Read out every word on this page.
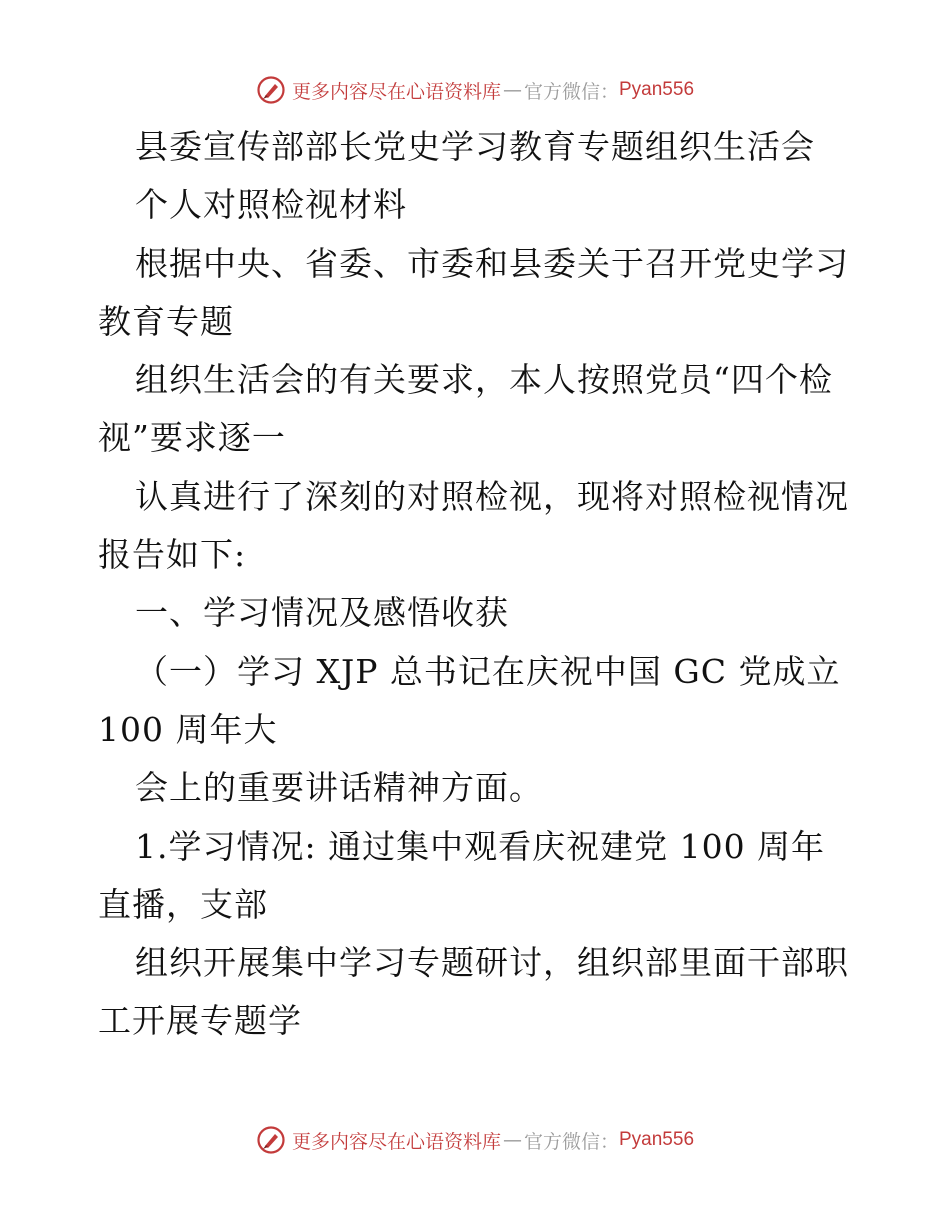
更多内容尽在心语资料库 — 官方微信： Pyan556
县委宣传部部长党史学习教育专题组织生活会
个人对照检视材料
根据中央、省委、市委和县委关于召开党史学习
教育专题
组织生活会的有关要求，本人按照党员“四个检
视”要求逐一
认真进行了深刻的对照检视，现将对照检视情况
报告如下:
一、学习情况及感悟收获
（一）学习 XJP 总书记在庆祝中国 GC 党成立
100 周年大
会上的重要讲话精神方面。
1.学习情况: 通过集中观看庆祝建党 100 周年
直播，支部
组织开展集中学习专题研讨，组织部里面干部职
工开展专题学
更多内容尽在心语资料库 — 官方微信： Pyan556
